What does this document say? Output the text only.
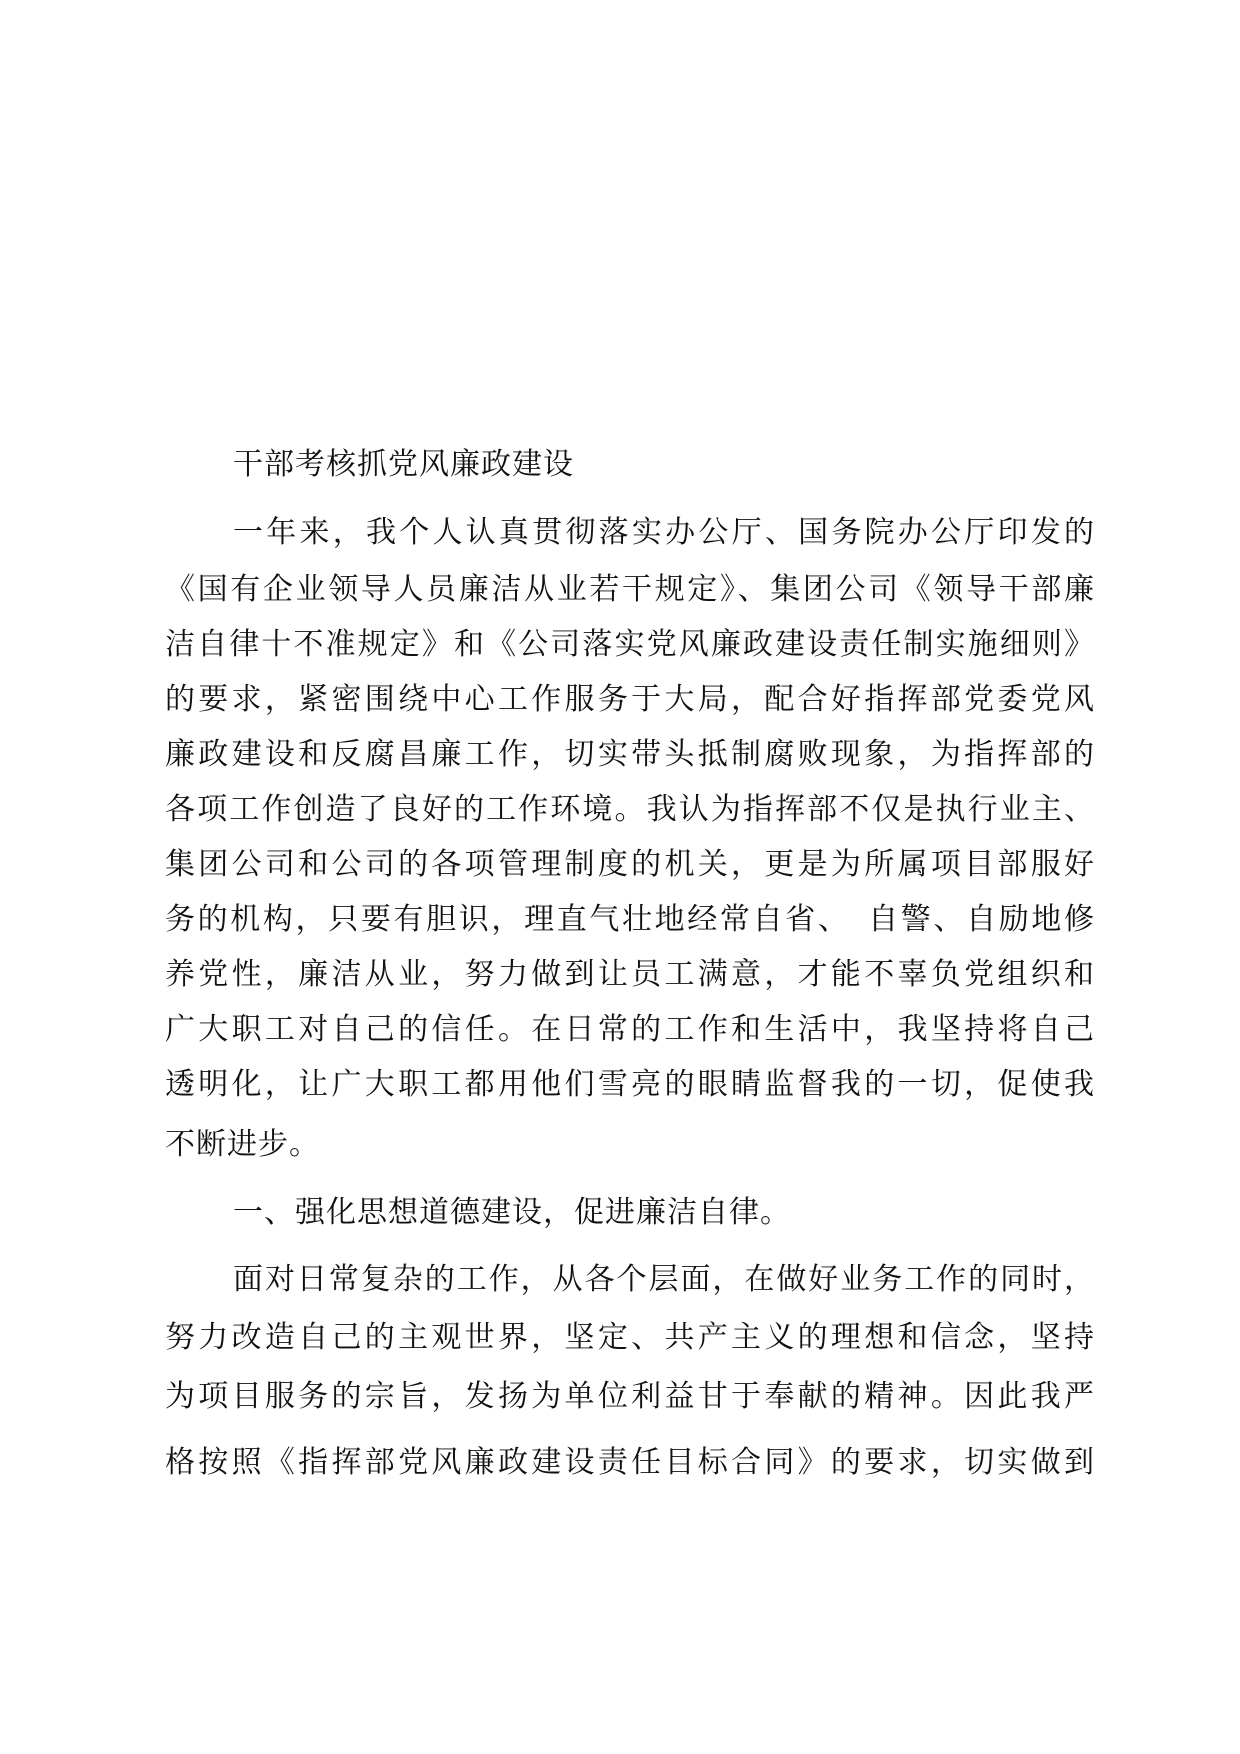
干部考核抓党风廉政建设
一年来，我个人认真贯彻落实办公厅、国务院办公厅印发的
《国有企业领导人员廉洁从业若干规定》、集团公司《领导干部廉
洁自律十不准规定》和《公司落实党风廉政建设责任制实施细则》
的要求，紧密围绕中心工作服务于大局，配合好指挥部党委党风
廉政建设和反腐昌廉工作，切实带头抵制腐败现象，为指挥部的
各项工作创造了良好的工作环境。我认为指挥部不仅是执行业主、
集团公司和公司的各项管理制度的机关，更是为所属项目部服好
务的机构，只要有胆识，理直气壮地经常自省、　自警、自励地修
养党性，廉洁从业，努力做到让员工满意，才能不辜负党组织和
广大职工对自己的信任。在日常的工作和生活中，我坚持将自己
透明化，让广大职工都用他们雪亮的眼睛监督我的一切，促使我
不断进步。
一、强化思想道德建设，促进廉洁自律。
面对日常复杂的工作，从各个层面，在做好业务工作的同时，
努力改造自己的主观世界，坚定、共产主义的理想和信念，坚持
为项目服务的宗旨，发扬为单位利益甘于奉献的精神。因此我严
格按照《指挥部党风廉政建设责任目标合同》的要求，切实做到
